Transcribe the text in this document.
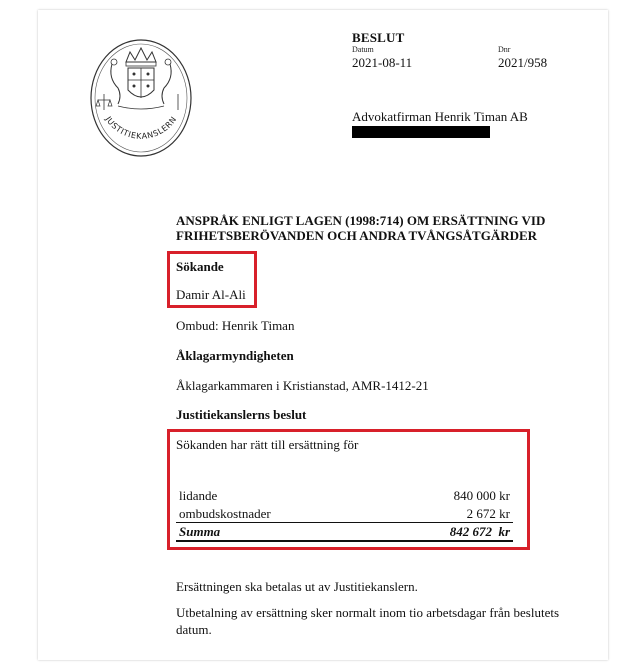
JUSTITIEKANSLERN
BESLUT
Datum	Dnr
2021-08-11	2021/958
Advokatfirman Henrik Timan AB
ANSPRÅK ENLIGT LAGEN (1998:714) OM ERSÄTTNING VID FRIHETSBERÖVANDEN OCH ANDRA TVÅNGSÅTGÄRDER
Sökande
Damir Al-Ali
Ombud: Henrik Timan
Åklagarmyndigheten
Åklagarkammaren i Kristianstad, AMR-1412-21
Justitiekanslerns beslut
Sökanden har rätt till ersättning för
lidande	840 000 kr
ombudskostnader	2 672 kr
Summa	842 672  kr
Ersättningen ska betalas ut av Justitiekanslern.
Utbetalning av ersättning sker normalt inom tio arbetsdagar från beslutets datum.
